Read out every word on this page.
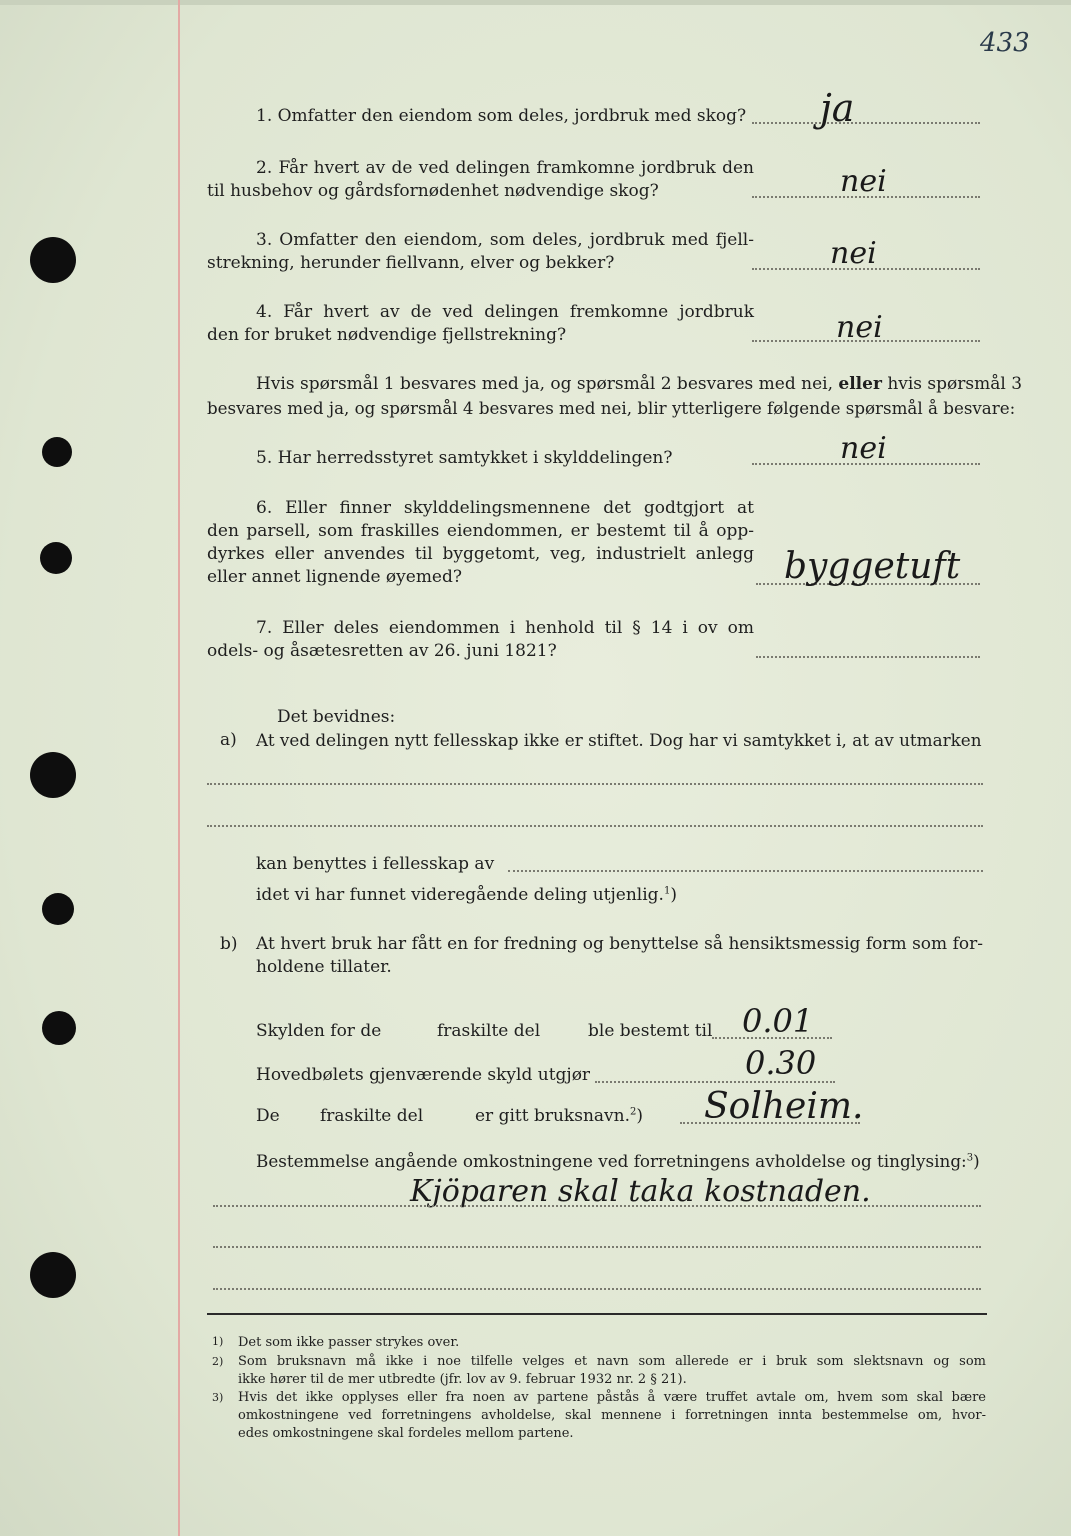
433
1. Omfatter den eiendom som deles, jordbruk med skog? ja
2. Får hvert av de ved delingen framkomne jordbruk den
til husbehov og gårdsfornødenhet nødvendige skog?	nei
3. Omfatter den eiendom, som deles, jordbruk med fjell-
strekning, herunder fiellvann, elver og bekker?	nei
4. Får hvert av de ved delingen fremkomne jordbruk
den for bruket nødvendige fjellstrekning?	nei
Hvis spørsmål 1 besvares med ja, og spørsmål 2 besvares med nei, eller hvis spørsmål 3
besvares med ja, og spørsmål 4 besvares med nei, blir ytterligere følgende spørsmål å besvare:
5. Har herredsstyret samtykket i skylddelingen?	nei
6. Eller finner skylddelingsmennene det godtgjort at
den parsell, som fraskilles eiendommen, er bestemt til å opp-
dyrkes eller anvendes til byggetomt, veg, industrielt anlegg
eller annet lignende øyemed?	byggetuft
7. Eller deles eiendommen i henhold til § 14 i ov om
odels- og åsætesretten av 26. juni 1821?
Det bevidnes:
a) At ved delingen nytt fellesskap ikke er stiftet. Dog har vi samtykket i, at av utmarken
kan benyttes i fellesskap av
idet vi har funnet videregående deling utjenlig.$^1$)
b) At hvert bruk har fått en for fredning og benyttelse så hensiktsmessig form som for-
holdene tillater.
Skylden for de	fraskilte del	ble bestemt til 0.01
Hovedbølets gjenværende skyld utgjør	0.30
De fraskilte del	er gitt bruksnavn.$^2$) Solheim.
Bestemmelse angående omkostningene ved forretningens avholdelse og tinglysing:$^3$)
Kjöparen skal taka kostnaden.
1) Det som ikke passer strykes over.
2) Som bruksnavn må ikke i noe tilfelle velges et navn som allerede er i bruk som slektsnavn og som
ikke hører til de mer utbredte (jfr. lov av 9. februar 1932 nr. 2 § 21).
3) Hvis det ikke opplyses eller fra noen av partene påstås å være truffet avtale om, hvem som skal bære
omkostningene ved forretningens avholdelse, skal mennene i forretningen innta bestemmelse om, hvor-
edes omkostningene skal fordeles mellom partene.
